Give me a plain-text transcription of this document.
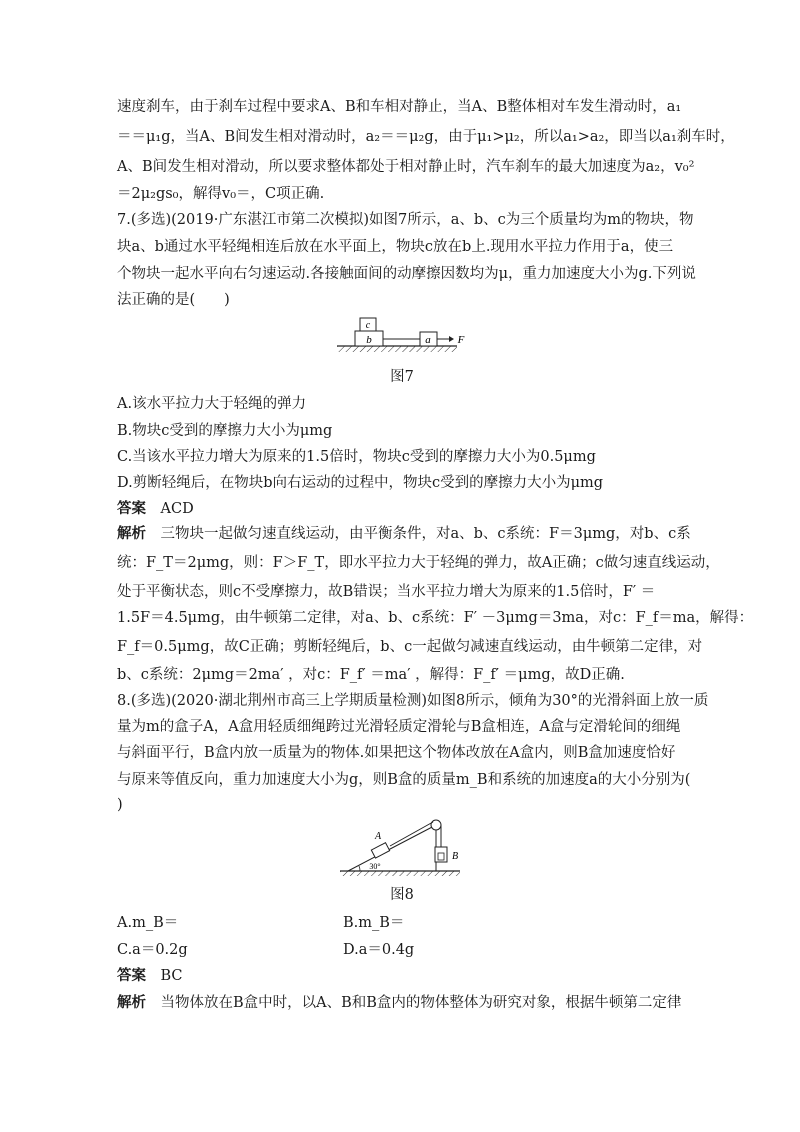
速度刹车，由于刹车过程中要求A、B和车相对静止，当A、B整体相对车发生滑动时，a₁
＝＝μ₁g，当A、B间发生相对滑动时，a₂＝＝μ₂g，由于μ₁>μ₂，所以a₁>a₂，即当以a₁刹车时，
A、B间发生相对滑动，所以要求整体都处于相对静止时，汽车刹车的最大加速度为a₂，v₀²
＝2μ₂gs₀，解得v₀＝，C项正确.
7.(多选)(2019·广东湛江市第二次模拟)如图7所示，a、b、c为三个质量均为m的物块，物
块a、b通过水平轻绳相连后放在水平面上，物块c放在b上.现用水平拉力作用于a，使三
个物块一起水平向右匀速运动.各接触面间的动摩擦因数均为μ，重力加速度大小为g.下列说
法正确的是(　　)
c
b	a F
图7
A.该水平拉力大于轻绳的弹力
B.物块c受到的摩擦力大小为μmg
C.当该水平拉力增大为原来的1.5倍时，物块c受到的摩擦力大小为0.5μmg
D.剪断轻绳后，在物块b向右运动的过程中，物块c受到的摩擦力大小为μmg
答案　 ACD
解析　 三物块一起做匀速直线运动，由平衡条件，对a、b、c系统：F＝3μmg，对b、c系
统：F_T＝2μmg，则：F＞F_T，即水平拉力大于轻绳的弹力，故A正确；c做匀速直线运动，
处于平衡状态，则c不受摩擦力，故B错误；当水平拉力增大为原来的1.5倍时，F′ ＝
1.5F＝4.5μmg，由牛顿第二定律，对a、b、c系统：F′ －3μmg＝3ma，对c：F_f＝ma，解得：
F_f＝0.5μmg，故C正确；剪断轻绳后，b、c一起做匀减速直线运动，由牛顿第二定律，对
b、c系统：2μmg＝2ma′ ，对c：F_f′ ＝ma′ ，解得：F_f′ ＝μmg，故D正确.
8.(多选)(2020·湖北荆州市高三上学期质量检测)如图8所示，倾角为30°的光滑斜面上放一质
量为m的盒子A，A盒用轻质细绳跨过光滑轻质定滑轮与B盒相连，A盒与定滑轮间的细绳
与斜面平行，B盒内放一质量为的物体.如果把这个物体改放在A盒内，则B盒加速度恰好
与原来等值反向，重力加速度大小为g，则B盒的质量m_B和系统的加速度a的大小分别为(
)
A
B
30°
图8
A.m_B＝	B.m_B＝
C.a＝0.2g	D.a＝0.4g
答案　 BC
解析　 当物体放在B盒中时，以A、B和B盒内的物体整体为研究对象，根据牛顿第二定律
